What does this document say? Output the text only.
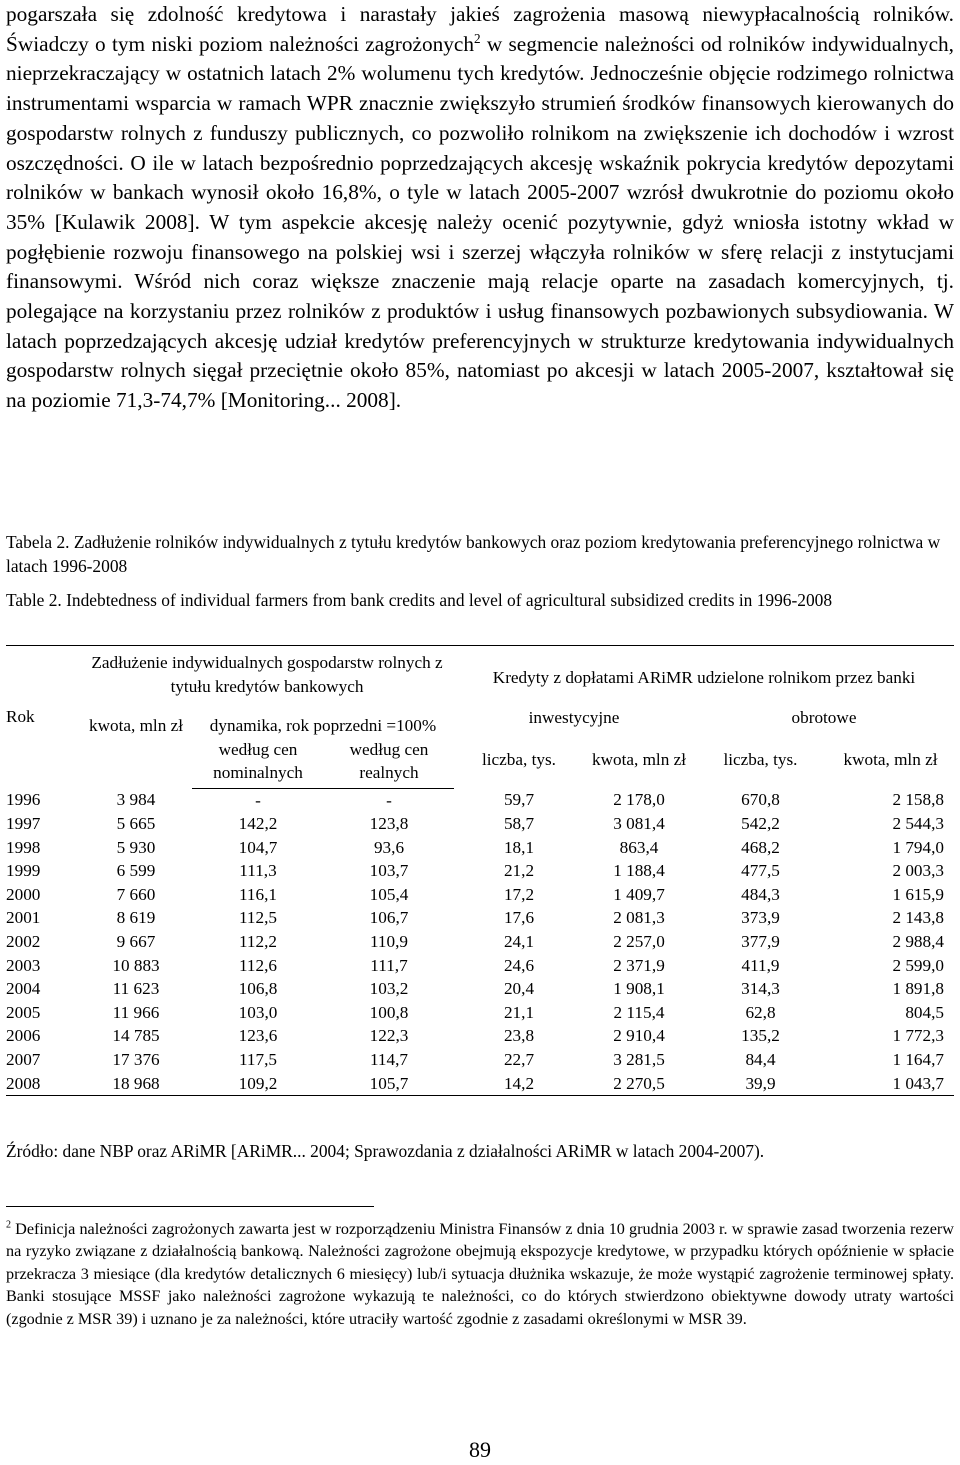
pogarszała się zdolność kredytowa i narastały jakieś zagrożenia masową niewypłacalnością rolników. Świadczy o tym niski poziom należności zagrożonych$^2$ w segmencie należności od rolników indywidualnych, nieprzekraczający w ostatnich latach 2% wolumenu tych kredytów. Jednocześnie objęcie rodzimego rolnictwa instrumentami wsparcia w ramach WPR znacznie zwiększyło strumień środków finansowych kierowanych do gospodarstw rolnych z funduszy publicznych, co pozwoliło rolnikom na zwiększenie ich dochodów i wzrost oszczędności. O ile w latach bezpośrednio poprzedzających akcesję wskaźnik pokrycia kredytów depozytami rolników w bankach wynosił około 16,8%, o tyle w latach 2005-2007 wzrósł dwukrotnie do poziomu około 35% [Kulawik 2008]. W tym aspekcie akcesję należy ocenić pozytywnie, gdyż wniosła istotny wkład w pogłębienie rozwoju finansowego na polskiej wsi i szerzej włączyła rolników w sferę relacji z instytucjami finansowymi. Wśród nich coraz większe znaczenie mają relacje oparte na zasadach komercyjnych, tj. polegające na korzystaniu przez rolników z produktów i usług finansowych pozbawionych subsydiowania. W latach poprzedzających akcesję udział kredytów preferencyjnych w strukturze kredytowania indywidualnych gospodarstw rolnych sięgał przeciętnie około 85%, natomiast po akcesji w latach 2005-2007, kształtował się na poziomie 71,3-74,7% [Monitoring... 2008].

Tabela 2. Zadłużenie rolników indywidualnych z tytułu kredytów bankowych oraz poziom kredytowania preferencyjnego rolnictwa w latach 1996-2008

Table 2. Indebtedness of individual farmers from bank credits and level of agricultural subsidized credits in 1996-2008

Rok	Zadłużenie indywidualnych gospodarstw rolnych z tytułu kredytów bankowych			Kredyty z dopłatami ARiMR udzielone rolnikom przez banki			
	kwota, mln zł	dynamika, rok poprzedni =100%		inwestycyjne		obrotowe	
				liczba, tys.	kwota, mln zł	liczba, tys.	kwota, mln zł
		według cen nominalnych	według cen realnych				
1996	3 984	-	-	59,7	2 178,0	670,8	2 158,8
1997	5 665	142,2	123,8	58,7	3 081,4	542,2	2 544,3
1998	5 930	104,7	93,6	18,1	863,4	468,2	1 794,0
1999	6 599	111,3	103,7	21,2	1 188,4	477,5	2 003,3
2000	7 660	116,1	105,4	17,2	1 409,7	484,3	1 615,9
2001	8 619	112,5	106,7	17,6	2 081,3	373,9	2 143,8
2002	9 667	112,2	110,9	24,1	2 257,0	377,9	2 988,4
2003	10 883	112,6	111,7	24,6	2 371,9	411,9	2 599,0
2004	11 623	106,8	103,2	20,4	1 908,1	314,3	1 891,8
2005	11 966	103,0	100,8	21,1	2 115,4	62,8	804,5
2006	14 785	123,6	122,3	23,8	2 910,4	135,2	1 772,3
2007	17 376	117,5	114,7	22,7	3 281,5	84,4	1 164,7
2008	18 968	109,2	105,7	14,2	2 270,5	39,9	1 043,7

Źródło: dane NBP oraz ARiMR [ARiMR... 2004; Sprawozdania z działalności ARiMR w latach 2004-2007).

$^2$ Definicja należności zagrożonych zawarta jest w rozporządzeniu Ministra Finansów z dnia 10 grudnia 2003 r. w sprawie zasad tworzenia rezerw na ryzyko związane z działalnością bankową. Należności zagrożone obejmują ekspozycje kredytowe, w przypadku których opóźnienie w spłacie przekracza 3 miesiące (dla kredytów detalicznych 6 miesięcy) lub/i sytuacja dłużnika wskazuje, że może wystąpić zagrożenie terminowej spłaty. Banki stosujące MSSF jako należności zagrożone wykazują te należności, co do których stwierdzono obiektywne dowody utraty wartości (zgodnie z MSR 39) i uznano je za należności, które utraciły wartość zgodnie z zasadami określonymi w MSR 39.

89
